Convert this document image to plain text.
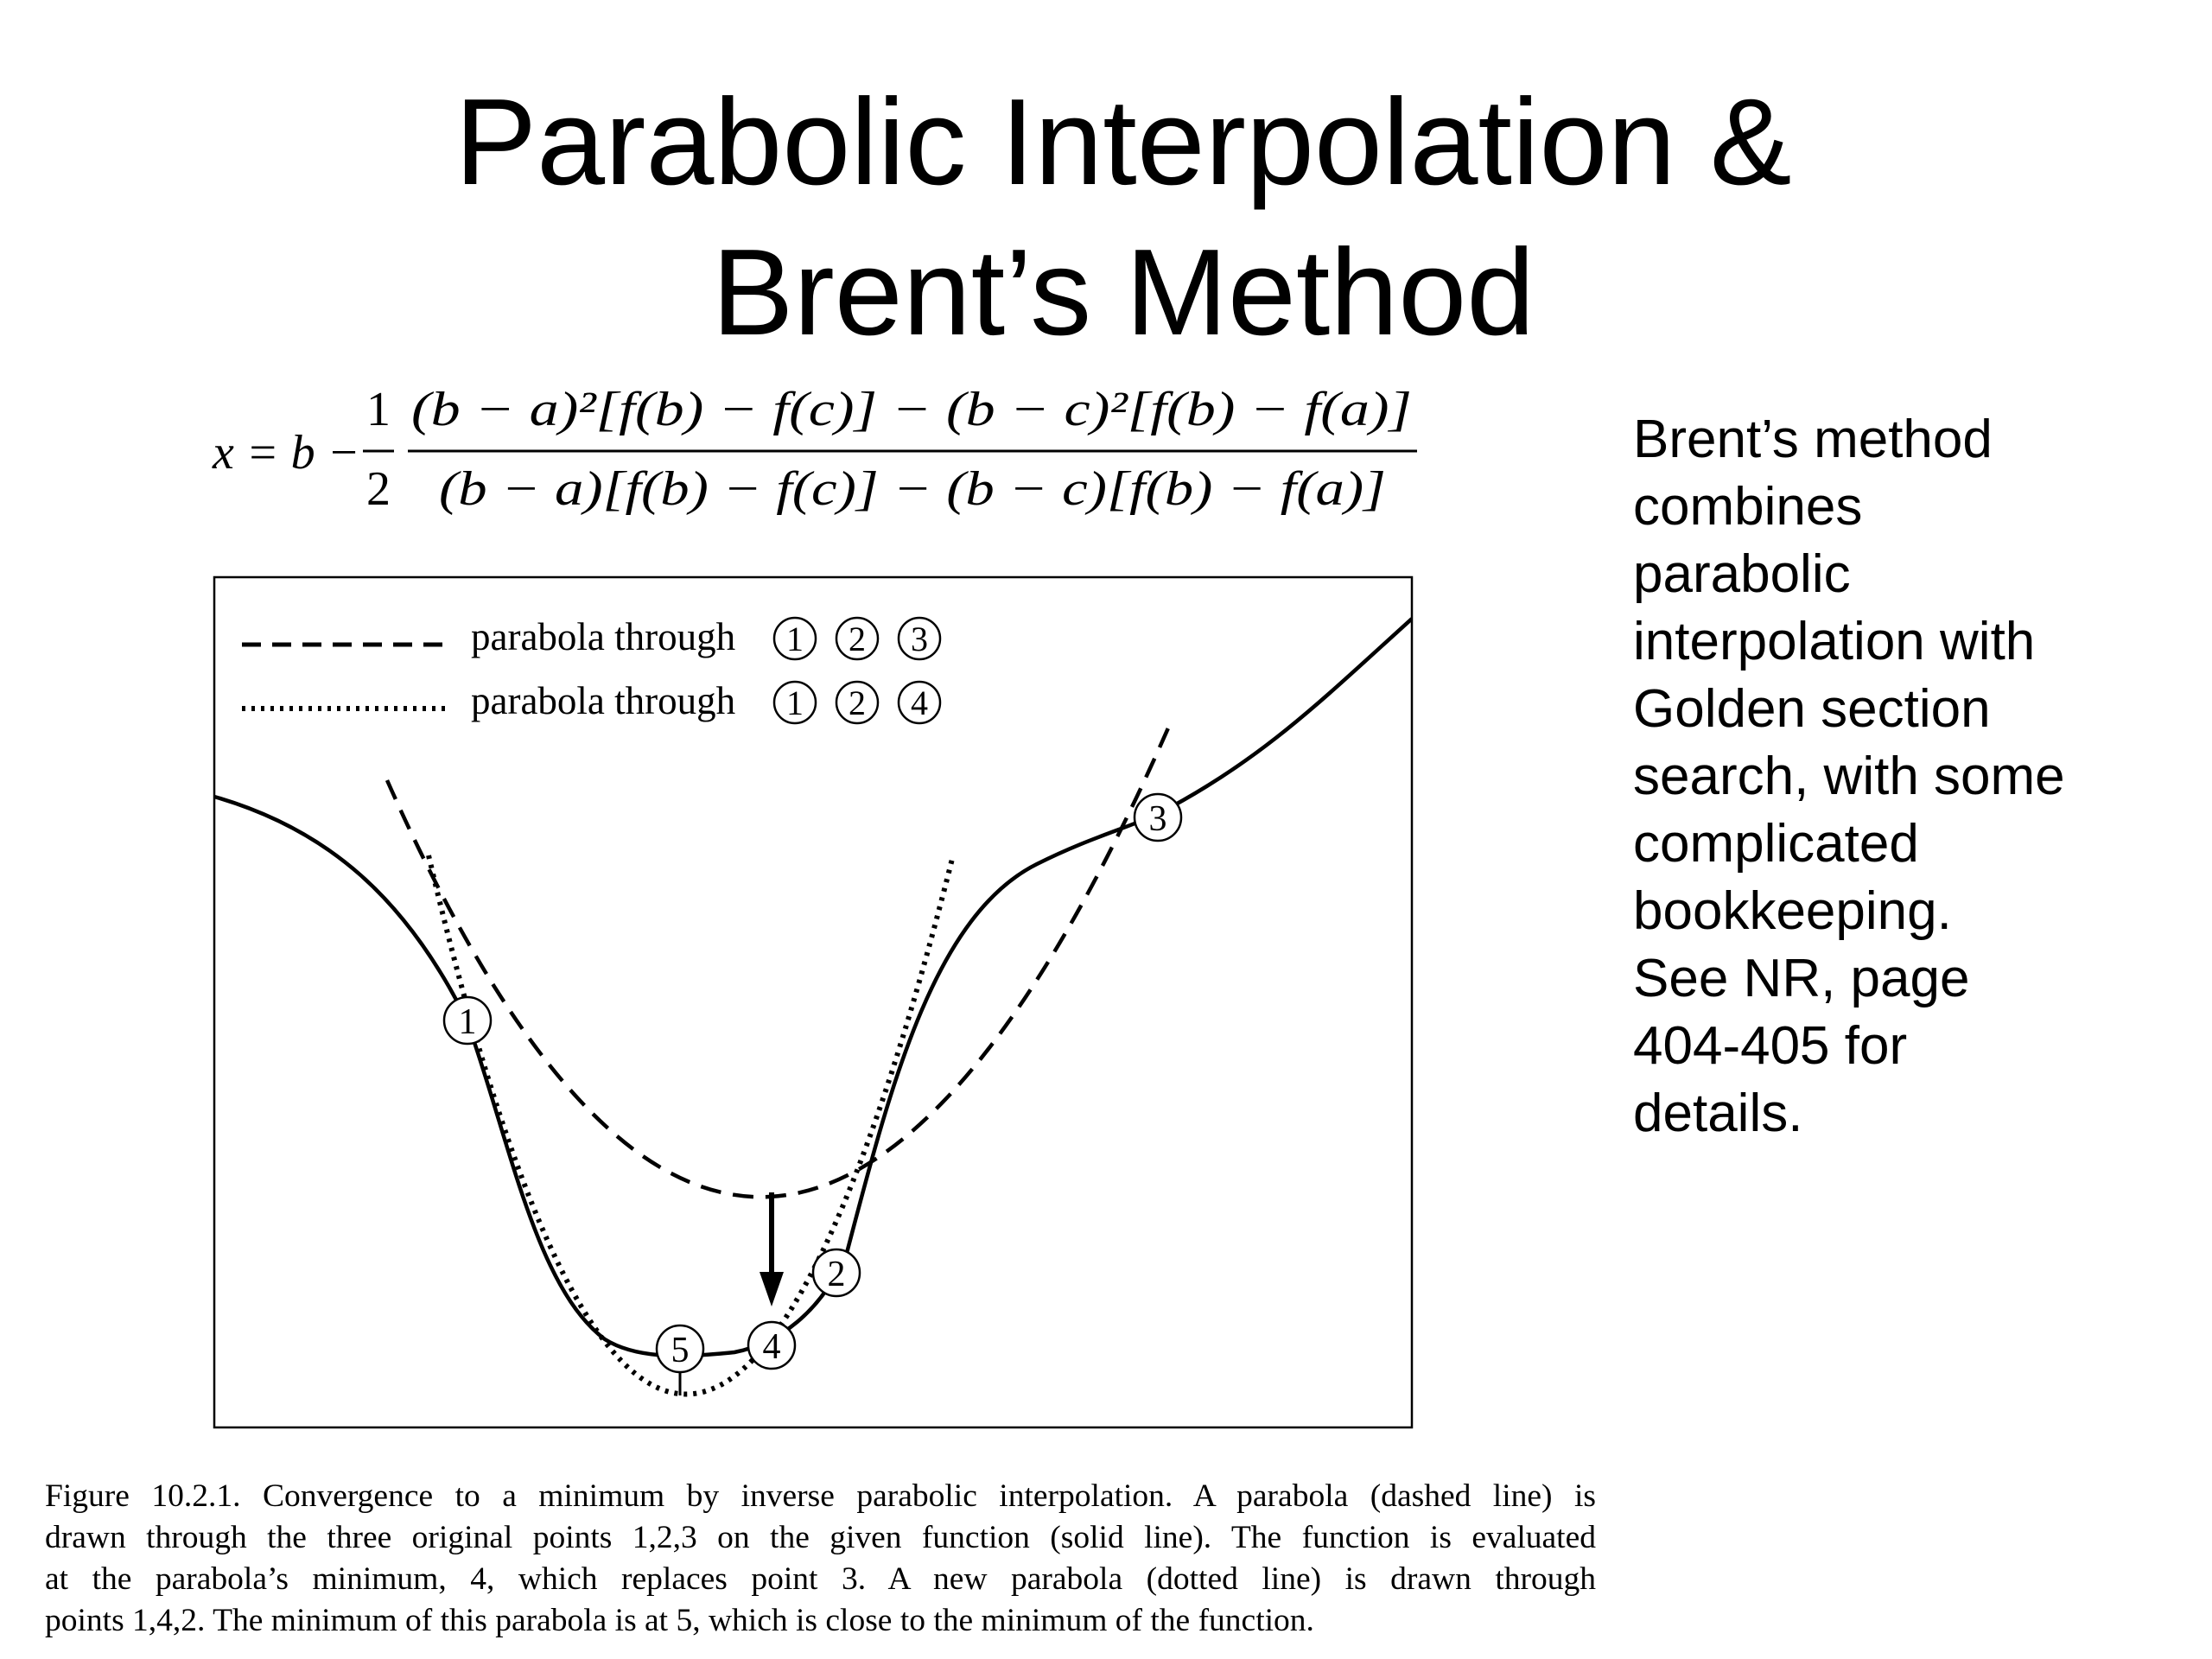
Parabolic Interpolation &
Brent’s Method
x = b −
1
2
(b − a)²[f(b) − f(c)] − (b − c)²[f(b) − f(a)]
(b − a)[f(b) − f(c)] − (b − c)[f(b) − f(a)]
Brent’s method
combines
parabolic
interpolation with
Golden section
search, with some
complicated
bookkeeping.
See NR, page
404-405 for
details.
parabola through 1 2 3
parabola through 1 2 4
1
2
3
4
5
Figure 10.2.1. Convergence to a minimum by inverse parabolic interpolation. A parabola (dashed line) is
drawn through the three original points 1,2,3 on the given function (solid line). The function is evaluated
at the parabola’s minimum, 4, which replaces point 3. A new parabola (dotted line) is drawn through
points 1,4,2. The minimum of this parabola is at 5, which is close to the minimum of the function.
